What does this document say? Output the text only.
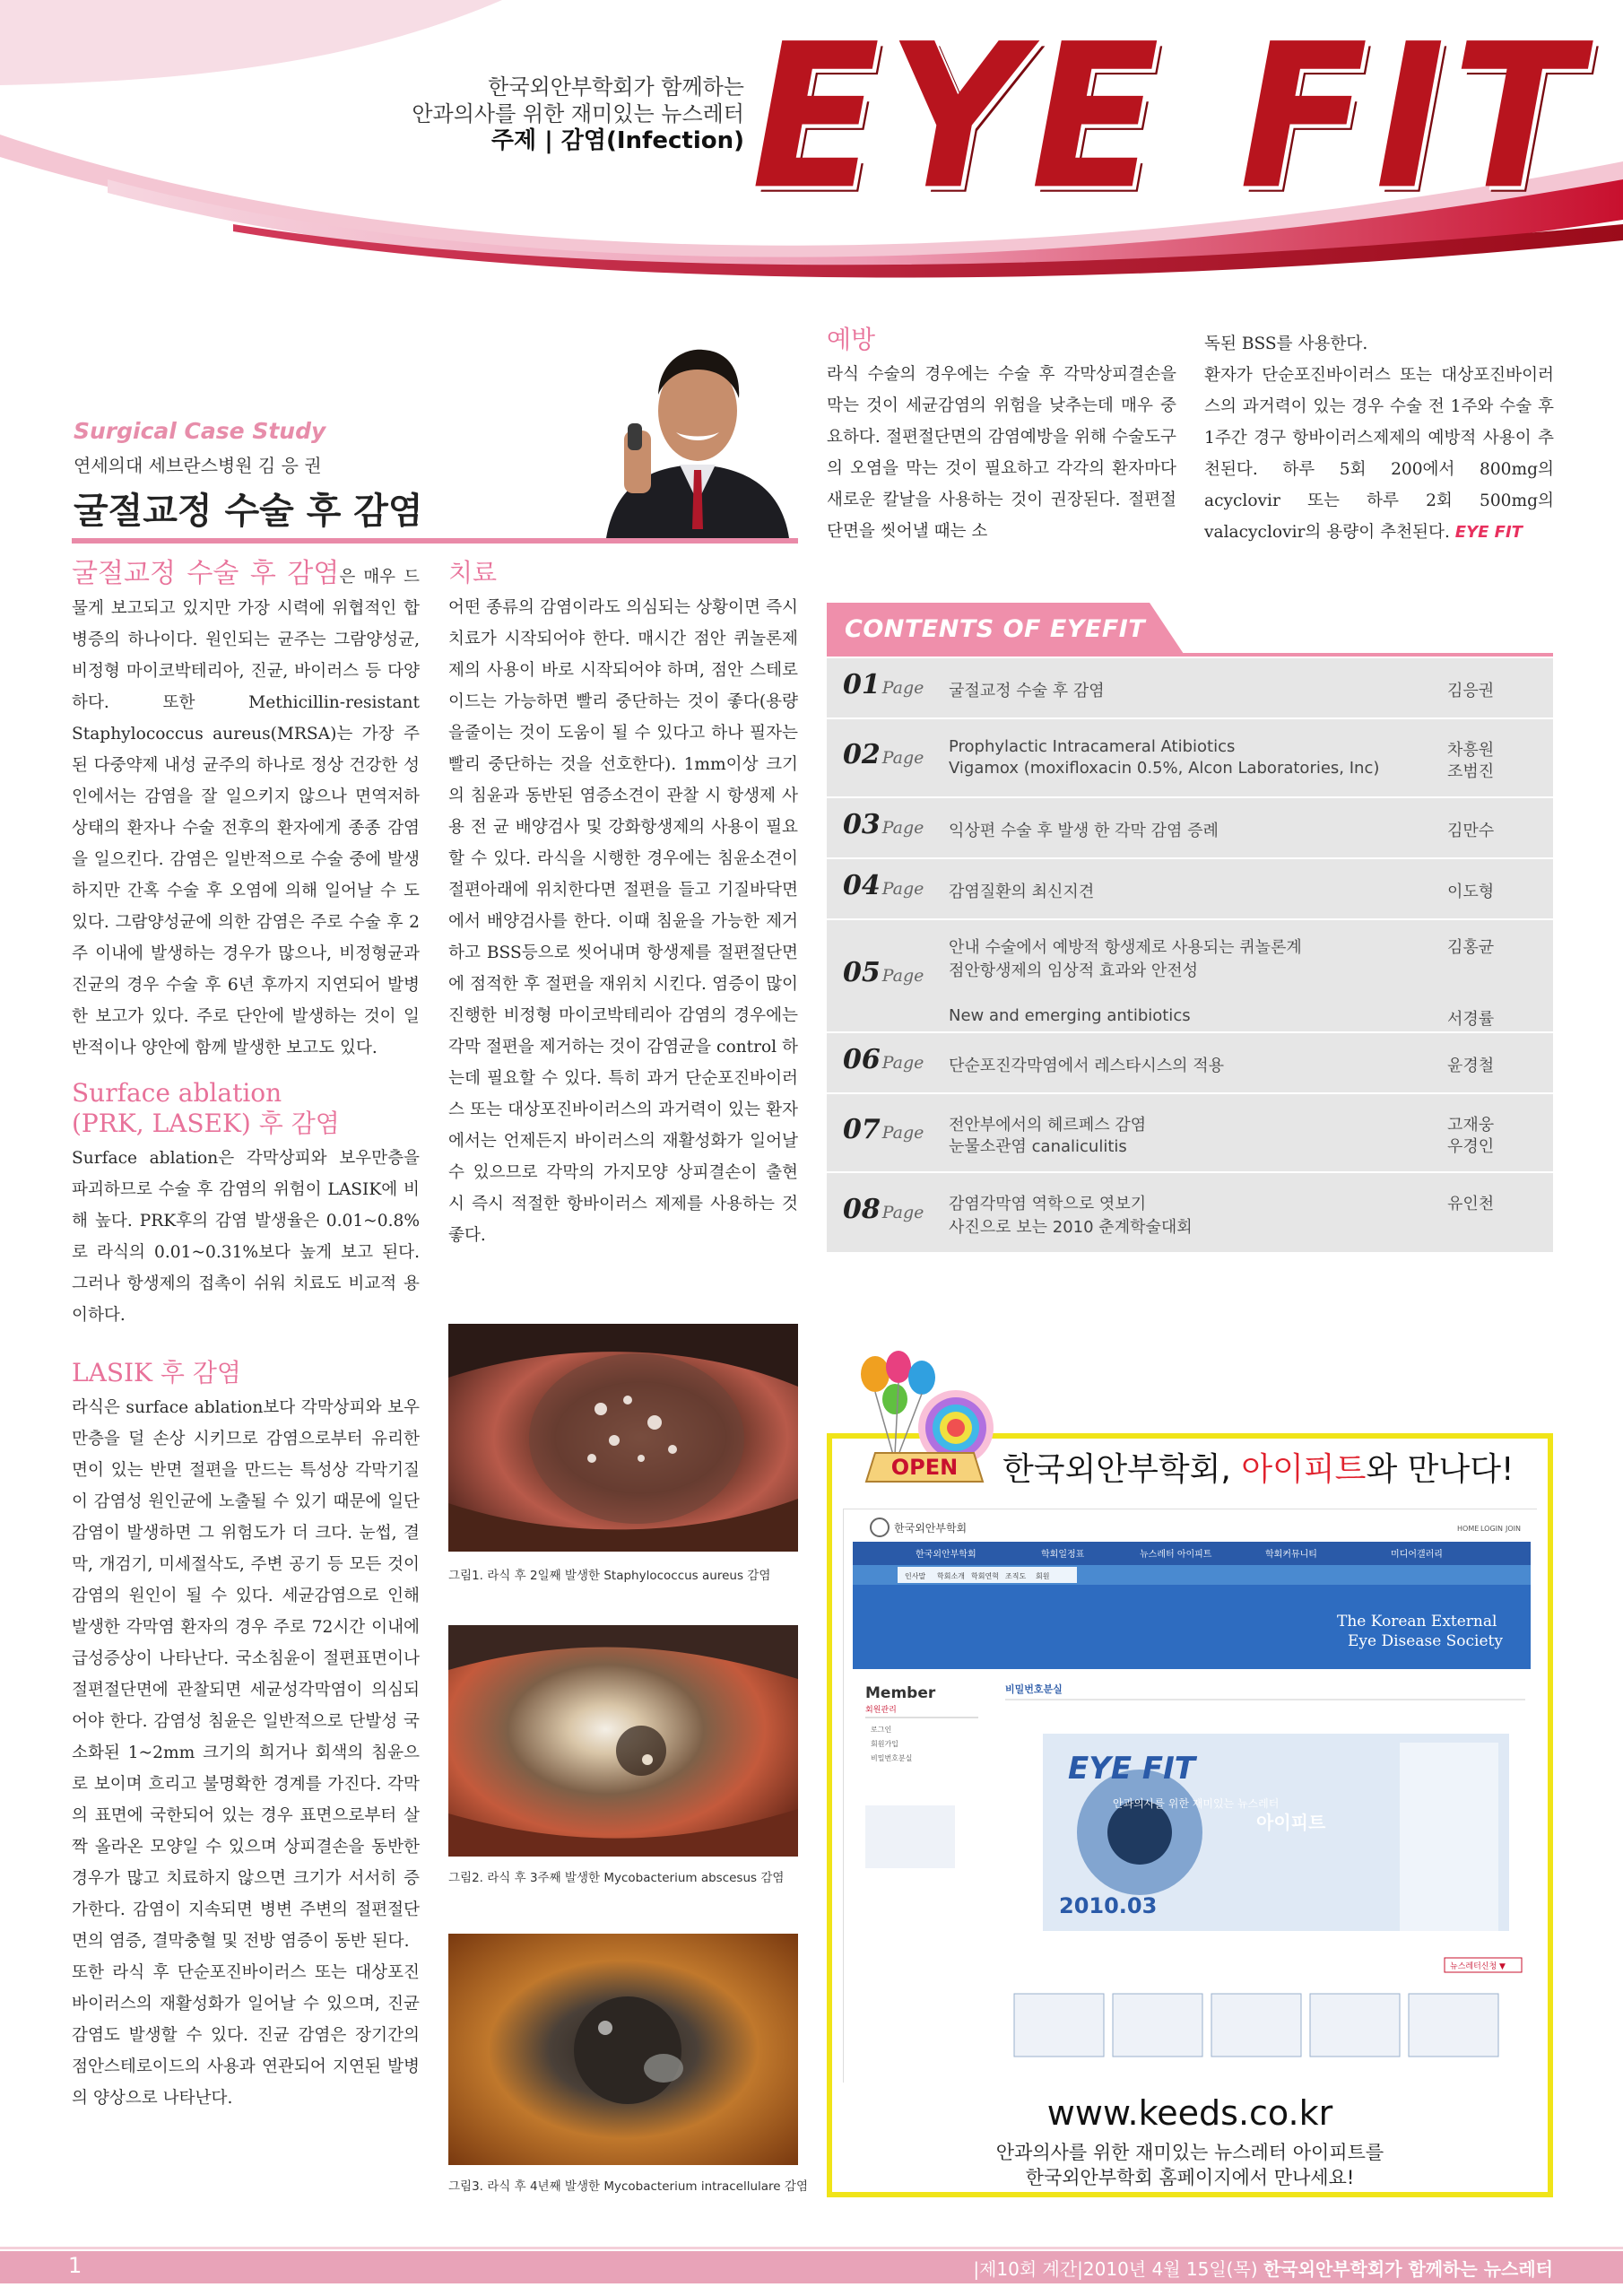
한국외안부학회가 함께하는
안과의사를 위한 재미있는 뉴스레터
주제 | 감염(Infection) EYE FIT
Surgical Case Study
연세의대 세브란스병원 김 응 권
굴절교정 수술 후 감염

굴절교정 수술 후 감염은 매우 드물게 보고되고 있지만 가장 시력에 위협적인 합병증의 하나이다. 원인되는 균주는 그람양성균, 비정형 마이코박테리아, 진균, 바이러스 등 다양하다. 또한 Methicillin-resistant Staphylococcus aureus(MRSA)는 가장 주된 다중약제 내성 균주의 하나로 정상 건강한 성인에서는 감염을 잘 일으키지 않으나 면역저하상태의 환자나 수술 전후의 환자에게 종종 감염을 일으킨다. 감염은 일반적으로 수술 중에 발생하지만 간혹 수술 후 오염에 의해 일어날 수 도 있다. 그람양성균에 의한 감염은 주로 수술 후 2주 이내에 발생하는 경우가 많으나, 비정형균과 진균의 경우 수술 후 6년 후까지 지연되어 발병한 보고가 있다. 주로 단안에 발생하는 것이 일반적이나 양안에 함께 발생한 보고도 있다.

Surface ablation
(PRK, LASEK) 후 감염

Surface ablation은 각막상피와 보우만층을 파괴하므로 수술 후 감염의 위험이 LASIK에 비해 높다. PRK후의 감염 발생율은 0.01~0.8%로 라식의 0.01~0.31%보다 높게 보고 된다. 그러나 항생제의 접촉이 쉬워 치료도 비교적 용이하다.

LASIK 후 감염

라식은 surface ablation보다 각막상피와 보우만층을 덜 손상 시키므로 감염으로부터 유리한 면이 있는 반면 절편을 만드는 특성상 각막기질이 감염성 원인균에 노출될 수 있기 때문에 일단 감염이 발생하면 그 위험도가 더 크다. 눈썹, 결막, 개검기, 미세절삭도, 주변 공기 등 모든 것이 감염의 원인이 될 수 있다. 세균감염으로 인해 발생한 각막염 환자의 경우 주로 72시간 이내에 급성증상이 나타난다. 국소침윤이 절편표면이나 절편절단면에 관찰되면 세균성각막염이 의심되어야 한다. 감염성 침윤은 일반적으로 단발성 국소화된 1~2mm 크기의 희거나 회색의 침윤으로 보이며 흐리고 불명확한 경계를 가진다. 각막의 표면에 국한되어 있는 경우 표면으로부터 살짝 올라온 모양일 수 있으며 상피결손을 동반한 경우가 많고 치료하지 않으면 크기가 서서히 증가한다. 감염이 지속되면 병변 주변의 절편절단면의 염증, 결막충혈 및 전방 염증이 동반 된다.

또한 라식 후 단순포진바이러스 또는 대상포진바이러스의 재활성화가 일어날 수 있으며, 진균 감염도 발생할 수 있다. 진균 감염은 장기간의 점안스테로이드의 사용과 연관되어 지연된 발병의 양상으로 나타난다.

치료

어떤 종류의 감염이라도 의심되는 상황이면 즉시 치료가 시작되어야 한다. 매시간 점안 퀴놀론제제의 사용이 바로 시작되어야 하며, 점안 스테로이드는 가능하면 빨리 중단하는 것이 좋다(용량을줄이는 것이 도움이 될 수 있다고 하나 필자는 빨리 중단하는 것을 선호한다). 1mm이상 크기의 침윤과 동반된 염증소견이 관찰 시 항생제 사용 전 균 배양검사 및 강화항생제의 사용이 필요할 수 있다. 라식을 시행한 경우에는 침윤소견이 절편아래에 위치한다면 절편을 들고 기질바닥면에서 배양검사를 한다. 이때 침윤을 가능한 제거하고 BSS등으로 씻어내며 항생제를 절편절단면에 점적한 후 절편을 재위치 시킨다. 염증이 많이 진행한 비정형 마이코박테리아 감염의 경우에는 각막 절편을 제거하는 것이 감염균을 control 하는데 필요할 수 있다. 특히 과거 단순포진바이러스 또는 대상포진바이러스의 과거력이 있는 환자에서는 언제든지 바이러스의 재활성화가 일어날 수 있으므로 각막의 가지모양 상피결손이 출현 시 즉시 적절한 항바이러스 제제를 사용하는 것 좋다.

그림1. 라식 후 2일째 발생한 Staphylococcus aureus 감염
그림2. 라식 후 3주째 발생한 Mycobacterium abscesus 감염
그림3. 라식 후 4년째 발생한 Mycobacterium intracellulare 감염
예방

라식 수술의 경우에는 수술 후 각막상피결손을 막는 것이 세균감염의 위험을 낮추는데 매우 중요하다. 절편절단면의 감염예방을 위해 수술도구의 오염을 막는 것이 필요하고 각각의 환자마다 새로운 칼날을 사용하는 것이 권장된다. 절편절단면을 씻어낼 때는 소

독된 BSS를 사용한다.

환자가 단순포진바이러스 또는 대상포진바이러스의 과거력이 있는 경우 수술 전 1주와 수술 후 1주간 경구 항바이러스제제의 예방적 사용이 추천된다. 하루 5회 200에서 800mg의 acyclovir 또는 하루 2회 500mg의 valacyclovir의 용량이 추천된다. EYE FIT

CONTENTS OF EYEFIT
01 Page 굴절교정 수술 후 감염	김응권
02 Page
Prophylactic Intracameral Atibiotics	차흥원
Vigamox (moxifloxacin 0.5%, Alcon Laboratories, Inc)	조범진
03 Page 익상편 수술 후 발생 한 각막 감염 증례	김만수
04 Page 감염질환의 최신지견	이도형
05 Page
안내 수술에서 예방적 항생제로 사용되는 퀴놀론계	김홍균
점안항생제의 임상적 효과와 안전성
New and emerging antibiotics	서경률
06 Page 단순포진각막염에서 레스타시스의 적용	윤경철
07 Page 전안부에서의 헤르페스 감염	고재웅
눈물소관염 canaliculitis	우경인
08 Page 감염각막염 역학으로 엿보기	유인천
사진으로 보는 2010 춘계학술대회
OPEN 한국외안부학회, 아이피트와 만나다!
한국외안부학회	HOME LOGIN JOIN
한국외안부학회	학회일정표	뉴스레터 아이피트	학회커뮤니티	미디어갤러리
인사말 학회소개 학회연혁 조직도 회원
The Korean External
Eye Disease Society
Member
회원관리
로그인
회원가입
비밀번호분실
비밀번호분실
EYE FIT
안과의사를 위한 재미있는 뉴스레터
아이피트
2010.03
뉴스레터신청 ▼
www.keeds.co.kr
안과의사를 위한 재미있는 뉴스레터 아이피트를
한국외안부학회 홈페이지에서 만나세요!
1	|제10회 계간|2010년 4월 15일(목) 한국외안부학회가 함께하는 뉴스레터
